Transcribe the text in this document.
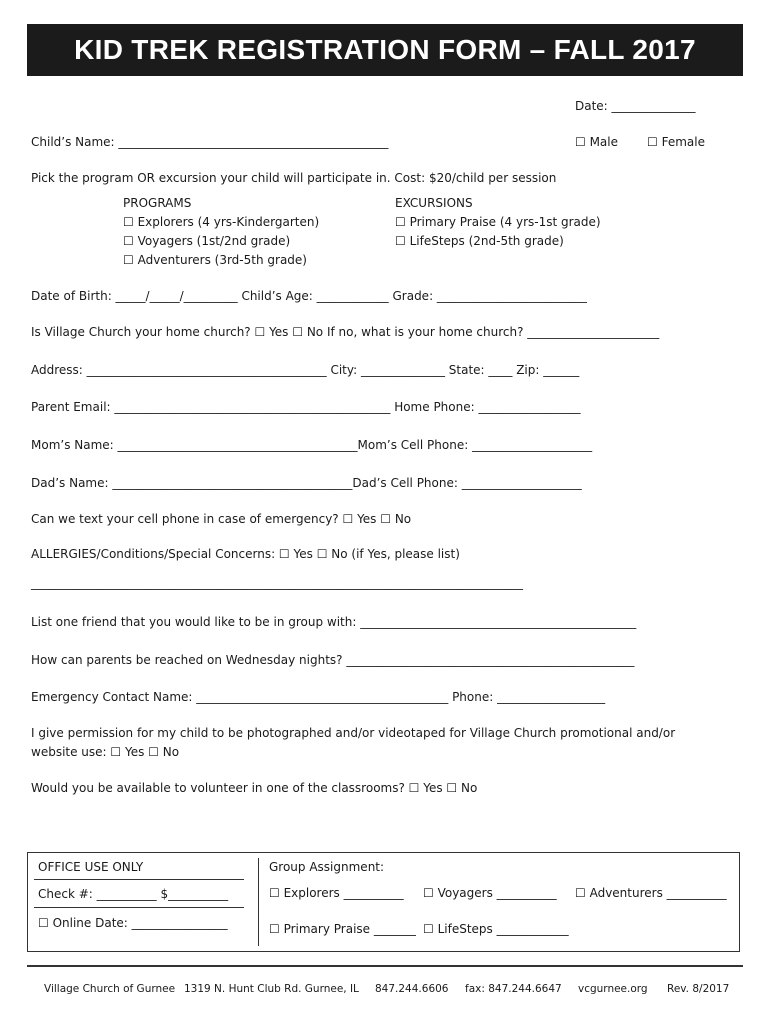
KID TREK REGISTRATION FORM – FALL 2017
Date: ______________
Child’s Name: _____________________________________________	☐ Male ☐ Female
Pick the program OR excursion your child will participate in. Cost: $20/child per session
PROGRAMS
☐ Explorers (4 yrs-Kindergarten)
☐ Voyagers (1st/2nd grade)
☐ Adventurers (3rd-5th grade)
EXCURSIONS
☐ Primary Praise (4 yrs-1st grade)
☐ LifeSteps (2nd-5th grade)
Date of Birth: _____/_____/_________ Child’s Age: ____________ Grade: _________________________
Is Village Church your home church? ☐ Yes ☐ No If no, what is your home church? ______________________
Address: ________________________________________ City: ______________ State: ____ Zip: ______
Parent Email: ______________________________________________ Home Phone: _________________
Mom’s Name: ________________________________________Mom’s Cell Phone: ____________________
Dad’s Name: ________________________________________Dad’s Cell Phone: ____________________
Can we text your cell phone in case of emergency? ☐ Yes ☐ No
ALLERGIES/Conditions/Special Concerns: ☐ Yes ☐ No (if Yes, please list)
__________________________________________________________________________________
List one friend that you would like to be in group with: ______________________________________________
How can parents be reached on Wednesday nights? ________________________________________________
Emergency Contact Name: __________________________________________ Phone: __________________
I give permission for my child to be photographed and/or videotaped for Village Church promotional and/or
website use: ☐ Yes ☐ No
Would you be available to volunteer in one of the classrooms? ☐ Yes ☐ No
OFFICE USE ONLY
Check #: __________ $__________
☐ Online Date: ________________
Group Assignment:
☐ Explorers __________ ☐ Voyagers __________ ☐ Adventurers __________
☐ Primary Praise _______ ☐ LifeSteps ____________
Village Church of Gurnee 1319 N. Hunt Club Rd. Gurnee, IL 847.244.6606 fax: 847.244.6647 vcgurnee.org Rev. 8/2017
